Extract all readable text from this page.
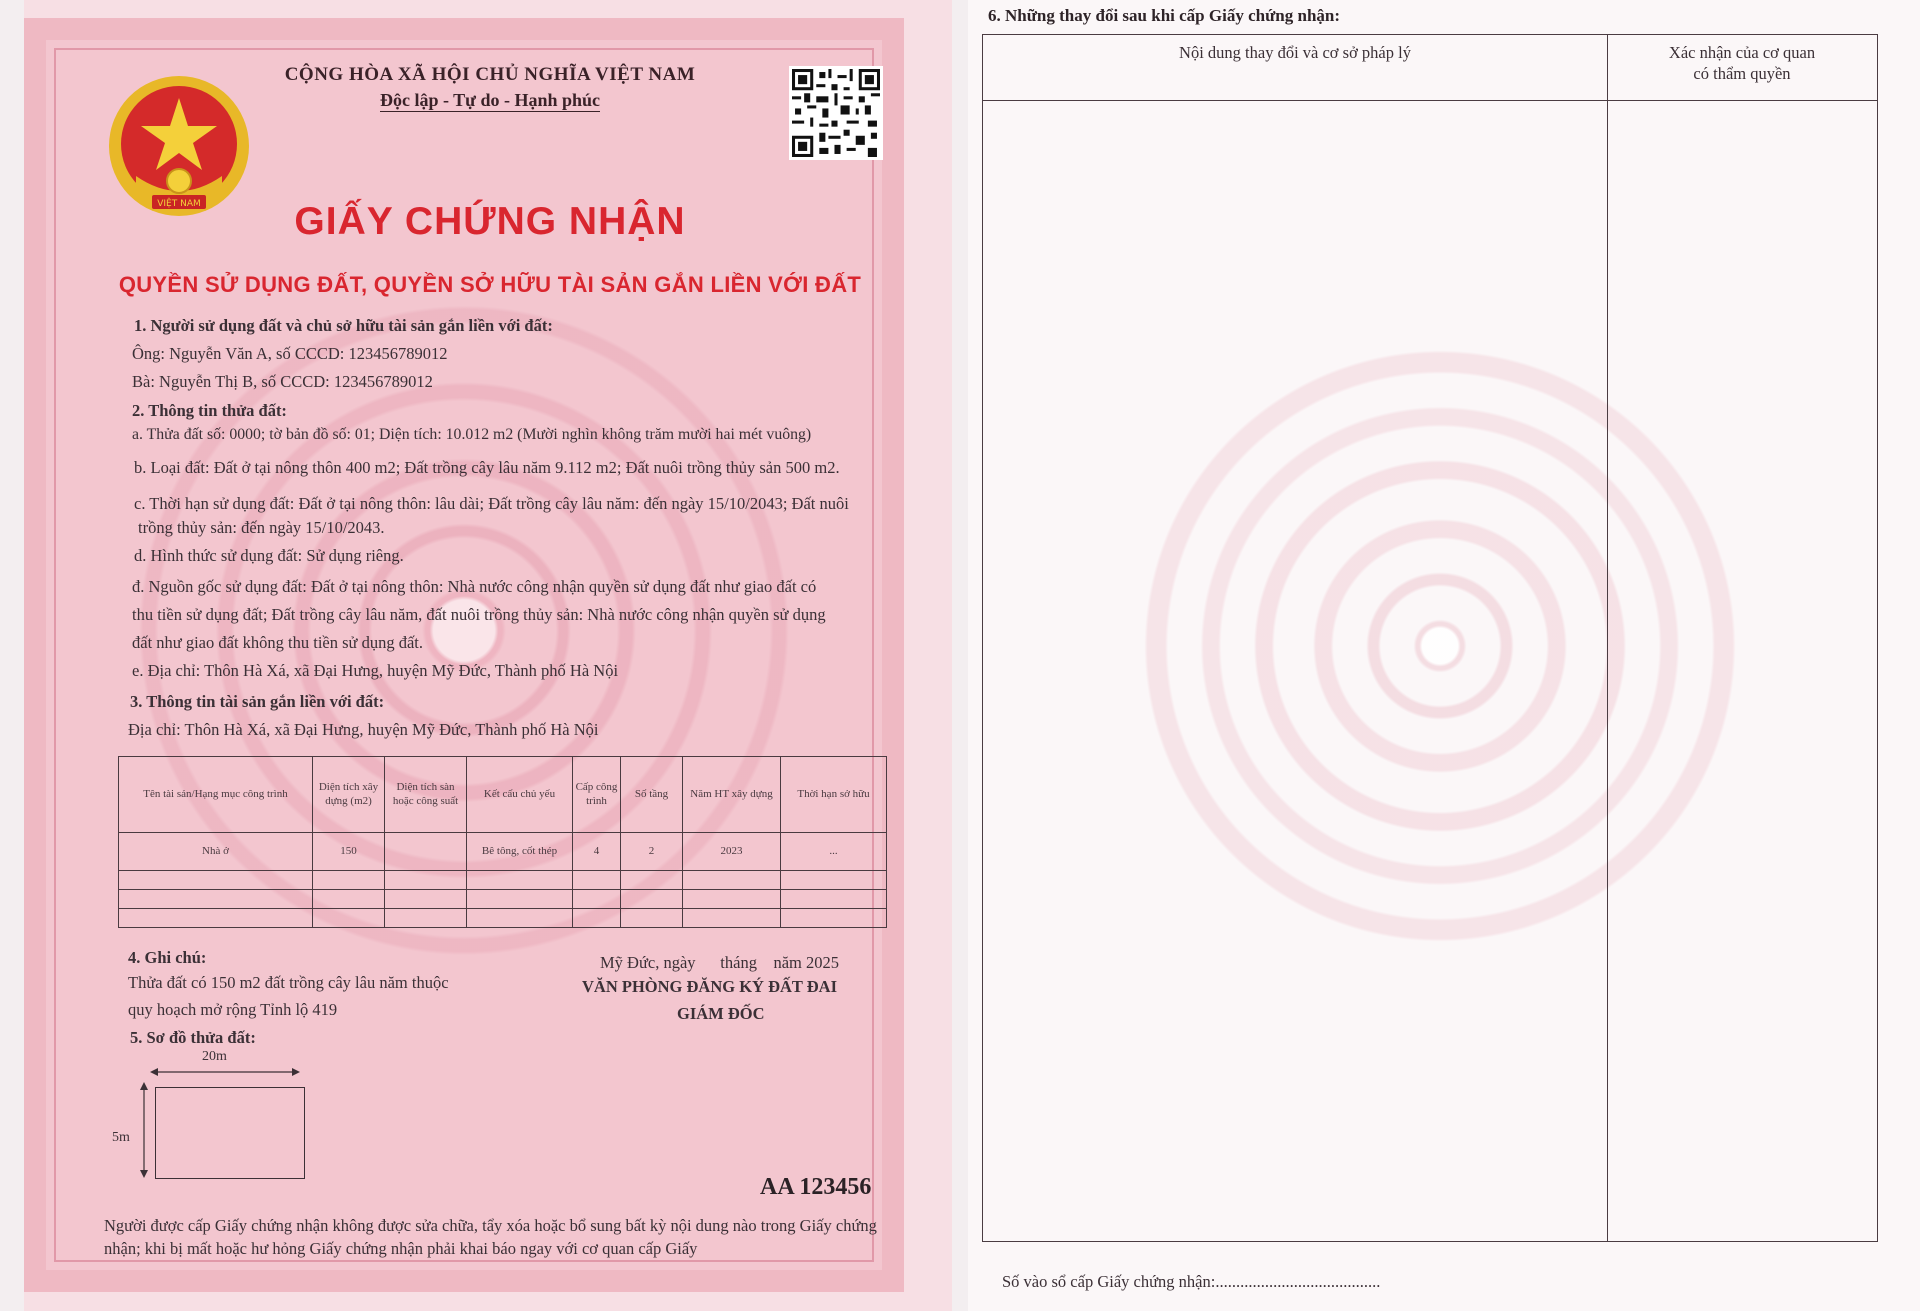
VIỆT NAM
CỘNG HÒA XÃ HỘI CHỦ NGHĨA VIỆT NAM
Độc lập - Tự do - Hạnh phúc
GIẤY CHỨNG NHẬN
QUYỀN SỬ DỤNG ĐẤT, QUYỀN SỞ HỮU TÀI SẢN GẮN LIỀN VỚI ĐẤT
1. Người sử dụng đất và chủ sở hữu tài sản gắn liền với đất:
Ông: Nguyễn Văn A, số CCCD: 123456789012
Bà: Nguyễn Thị B, số CCCD: 123456789012
2. Thông tin thửa đất:
a. Thửa đất số: 0000; tờ bản đồ số: 01; Diện tích: 10.012 m2 (Mười nghìn không trăm mười hai mét vuông)
b. Loại đất: Đất ở tại nông thôn 400 m2; Đất trồng cây lâu năm 9.112 m2; Đất nuôi trồng thủy sản 500 m2.
c. Thời hạn sử dụng đất: Đất ở tại nông thôn: lâu dài; Đất trồng cây lâu năm: đến ngày 15/10/2043; Đất nuôi
trồng thủy sản: đến ngày 15/10/2043.
d. Hình thức sử dụng đất: Sử dụng riêng.
đ. Nguồn gốc sử dụng đất: Đất ở tại nông thôn: Nhà nước công nhận quyền sử dụng đất như giao đất có
thu tiền sử dụng đất; Đất trồng cây lâu năm, đất nuôi trồng thủy sản: Nhà nước công nhận quyền sử dụng
đất như giao đất không thu tiền sử dụng đất.
e. Địa chỉ: Thôn Hà Xá, xã Đại Hưng, huyện Mỹ Đức, Thành phố Hà Nội
3. Thông tin tài sản gắn liền với đất:
Địa chỉ: Thôn Hà Xá, xã Đại Hưng, huyện Mỹ Đức, Thành phố Hà Nội
Tên tài sản/Hạng mục công trình	Diện tích xây dựng (m2)	Diện tích sàn hoặc công suất	Kết cấu chủ yếu	Cấp công trình	Số tầng	Năm HT xây dựng	Thời hạn sở hữu
Nhà ở	150		Bê tông, cốt thép	4	2	2023	...

4. Ghi chú:
Thửa đất có 150 m2 đất trồng cây lâu năm thuộc
quy hoạch mở rộng Tỉnh lộ 419
Mỹ Đức, ngày      tháng    năm 2025
VĂN PHÒNG ĐĂNG KÝ ĐẤT ĐAI
GIÁM ĐỐC
5. Sơ đồ thửa đất:
20m
5m
AA 123456
Người được cấp Giấy chứng nhận không được sửa chữa, tẩy xóa hoặc bổ sung bất kỳ nội dung nào trong Giấy chứng nhận; khi bị mất hoặc hư hỏng Giấy chứng nhận phải khai báo ngay với cơ quan cấp Giấy
6. Những thay đổi sau khi cấp Giấy chứng nhận:
Nội dung thay đổi và cơ sở pháp lý	Xác nhận của cơ quan
có thẩm quyền
Số vào sổ cấp Giấy chứng nhận:........................................
